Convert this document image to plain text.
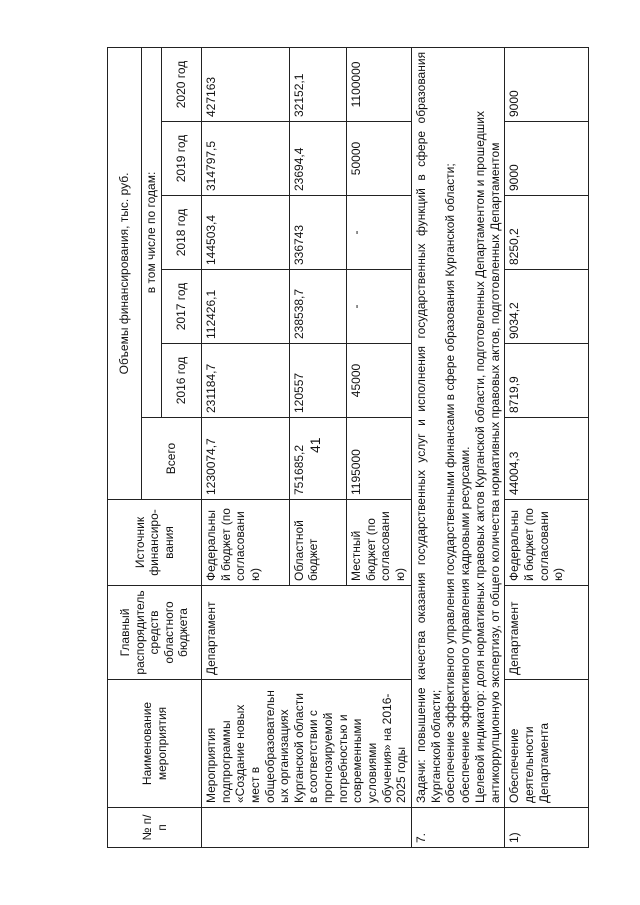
41
№ п/п	Наименование мероприятия	Главный распорядитель средств областного бюджета	Источник финансиро-вания	Объемы финансирования, тыс. руб.					
				Всего	в том числе по годам:				
					2016 год	2017 год	2018 год	2019 год	2020 год
	Мероприятия подпрограммы «Создание новых мест в общеобразовательных организациях Курганской области в соответствии с прогнозируемой потребностью и современными условиями обучения» на 2016-2025 годы	Департамент	Федеральный бюджет (по согласованию)	1230074,7	231184,7	112426,1	144503,4	314797,5	427163
			Областной бюджет	751685,2	120557	238538,7	336743	23694,4	32152,1
			Местный бюджет (по согласованию)	1195000	45000	-	-	50000	1100000
7.	Задачи: повышение качества оказания государственных услуг и исполнения государственных функций в сфере образования Курганской области; обеспечение эффективного управления государственными финансами в сфере образования Курганской области; обеспечение эффективного управления кадровыми ресурсами. Целевой индикатор: доля нормативных правовых актов Курганской области, подготовленных Департаментом и прошедших антикоррупционную экспертизу, от общего количества нормативных правовых актов, подготовленных Департаментом								

1)	Обеспечение деятельности Департамента	Департамент	Федеральный бюджет (по согласованию)	44004,3	8719,9	9034,2	8250,2	9000	9000
